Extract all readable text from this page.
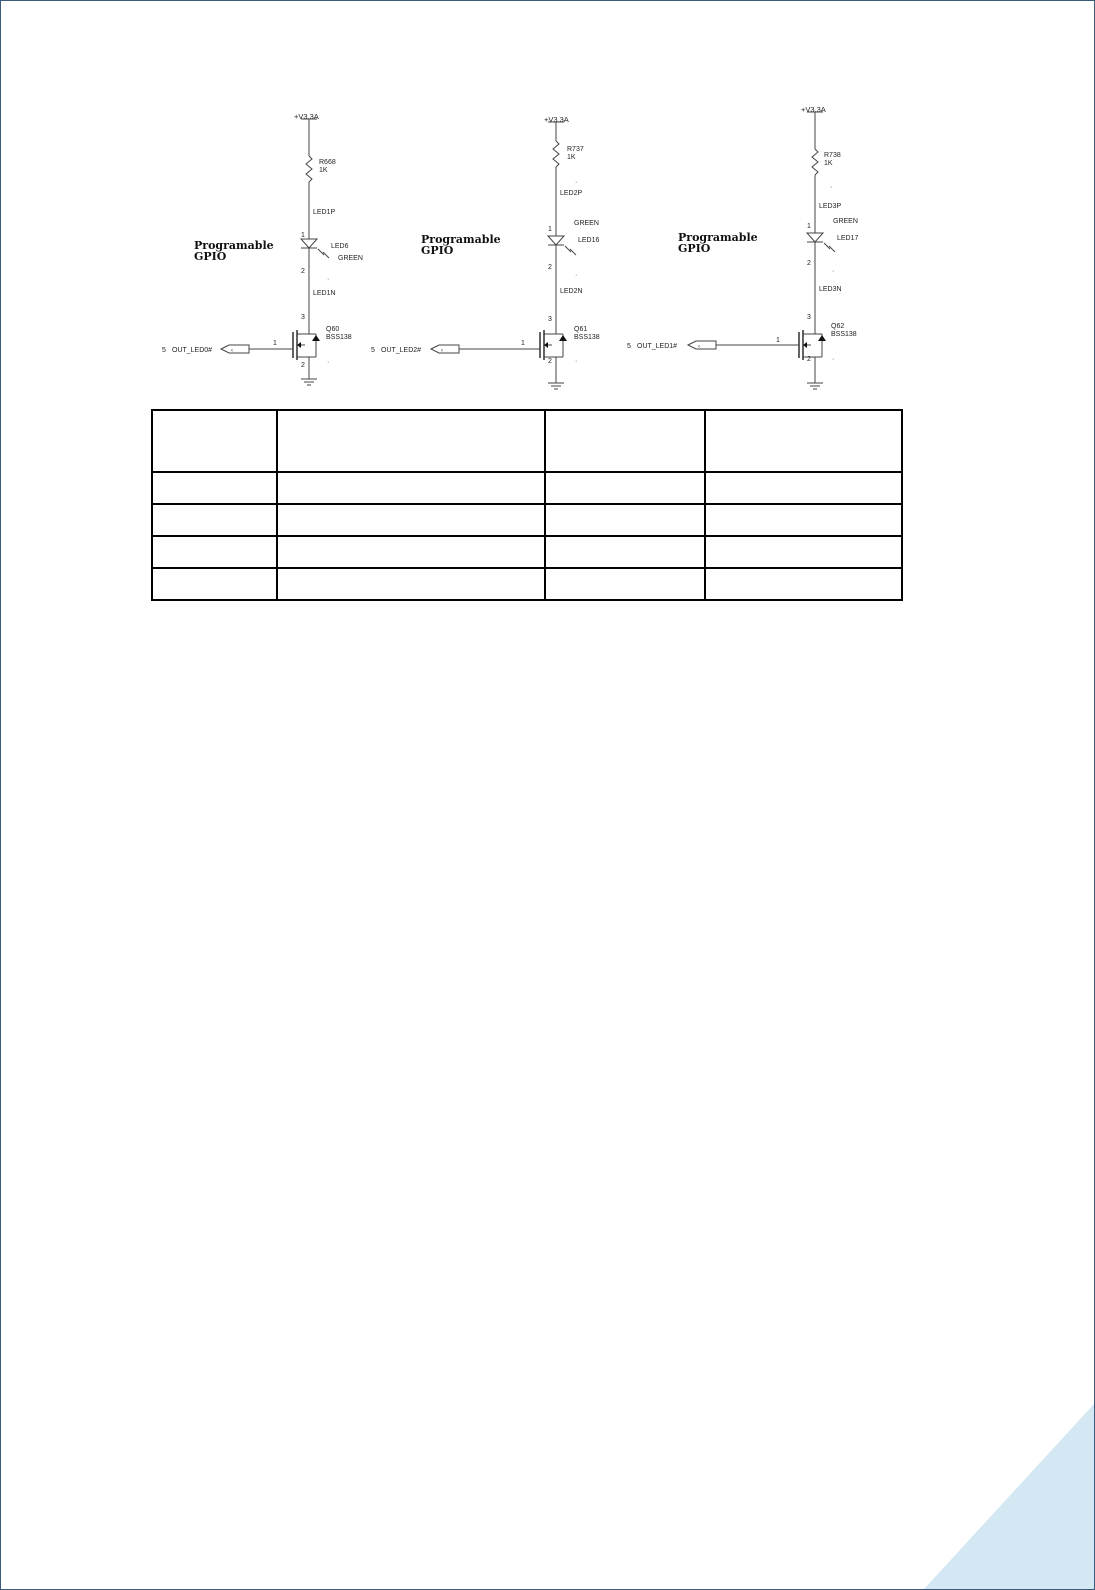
+V3.3A
R668
1K
LED1P
1
LED6
GREEN
2
LED1N
3
Q60
BSS138
2	·
·
1
‹
5 OUT_LED0#
Programable
GPIO
+V3.3A
R737
1K
·
LED2P
1
GREEN
LED16
2
·
LED2N
3
Q61
BSS138
2	·
1
‹
5 OUT_LED2#
Programable
GPIO
+V3.3A
R738
1K
·
LED3P
1
GREEN
LED17
2
·
LED3N
3
Q62
BSS138
2	·
1
‹
5 OUT_LED1#
Programable
GPIO
